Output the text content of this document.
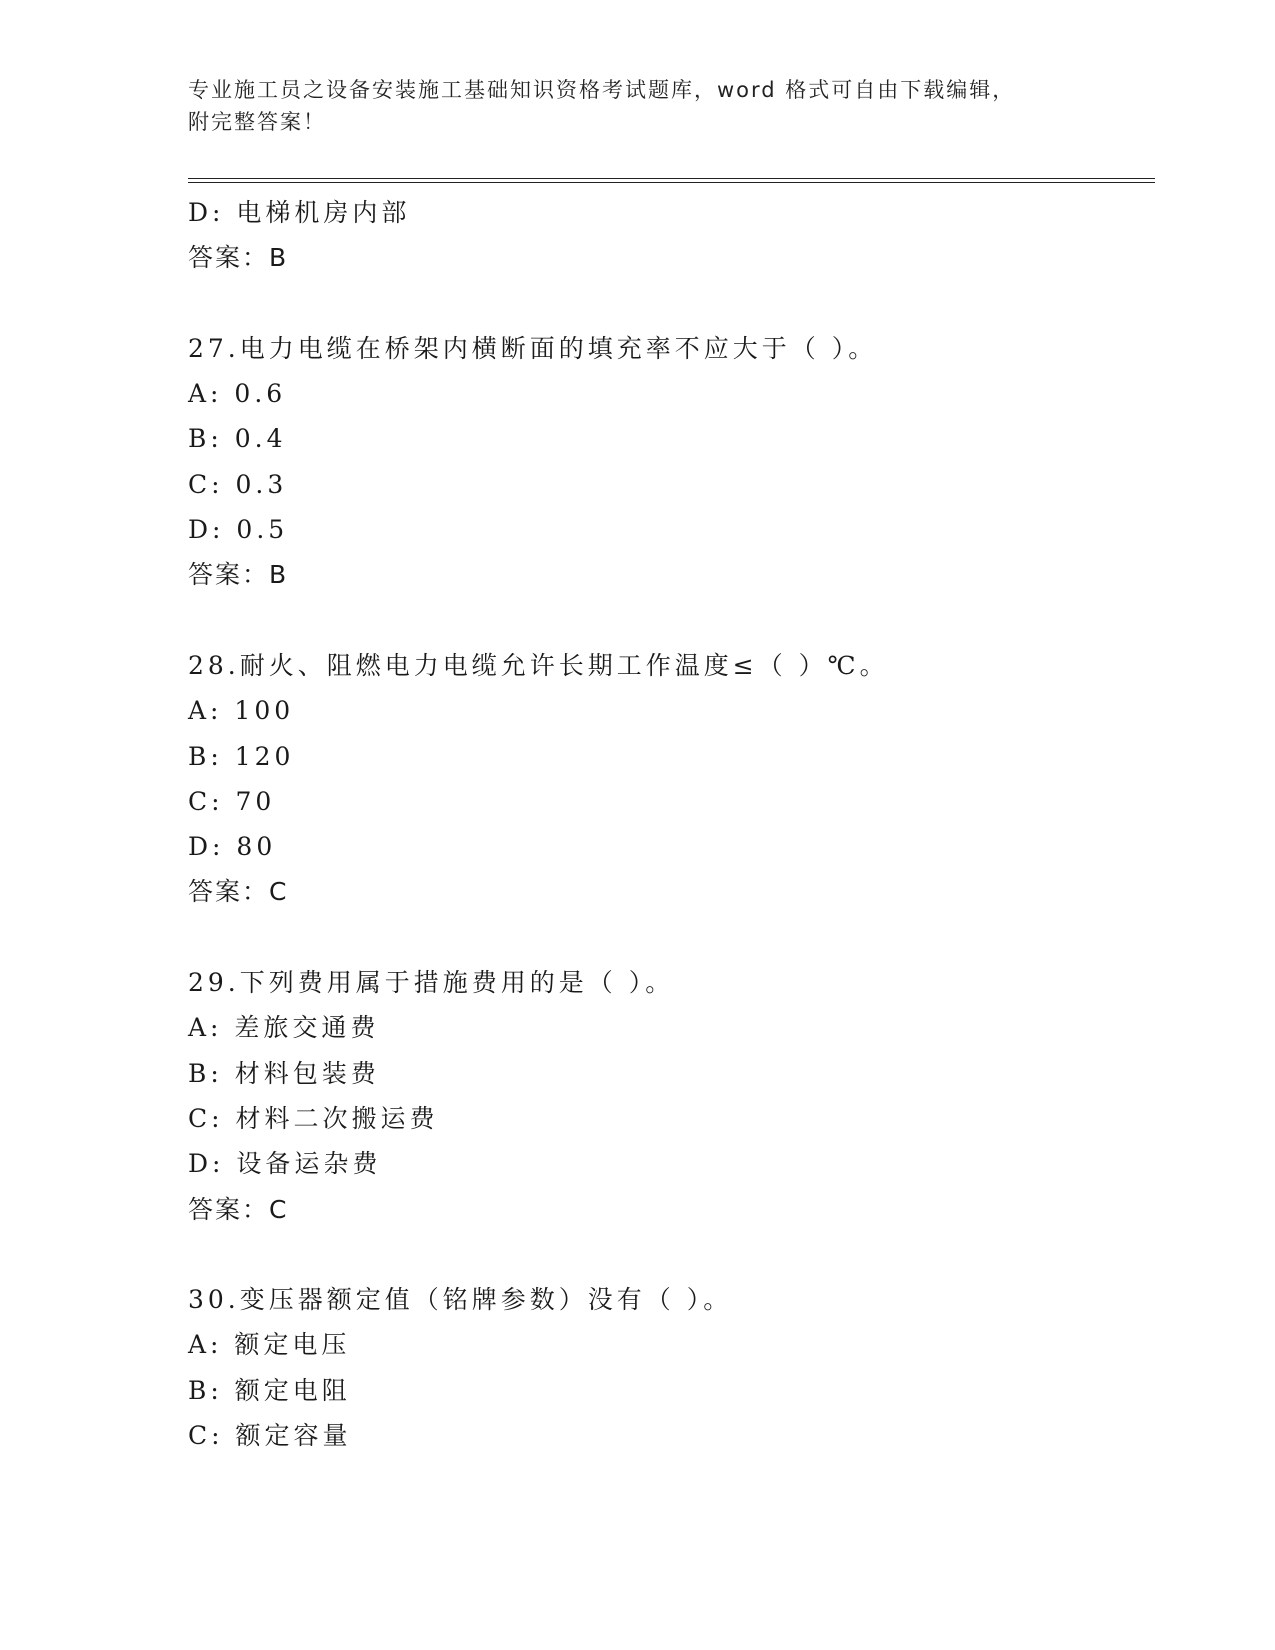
专业施工员之设备安装施工基础知识资格考试题库，word 格式可自由下载编辑，
附完整答案！
D: 电梯机房内部
答案：B
27.电力电缆在桥架内横断面的填充率不应大于（ ）。
A: 0.6
B: 0.4
C: 0.3
D: 0.5
答案：B
28.耐火、阻燃电力电缆允许长期工作温度≤（ ）℃。
A: 100
B: 120
C: 70
D: 80
答案：C
29.下列费用属于措施费用的是（ ）。
A: 差旅交通费
B: 材料包装费
C: 材料二次搬运费
D: 设备运杂费
答案：C
30.变压器额定值（铭牌参数）没有（ ）。
A: 额定电压
B: 额定电阻
C: 额定容量
